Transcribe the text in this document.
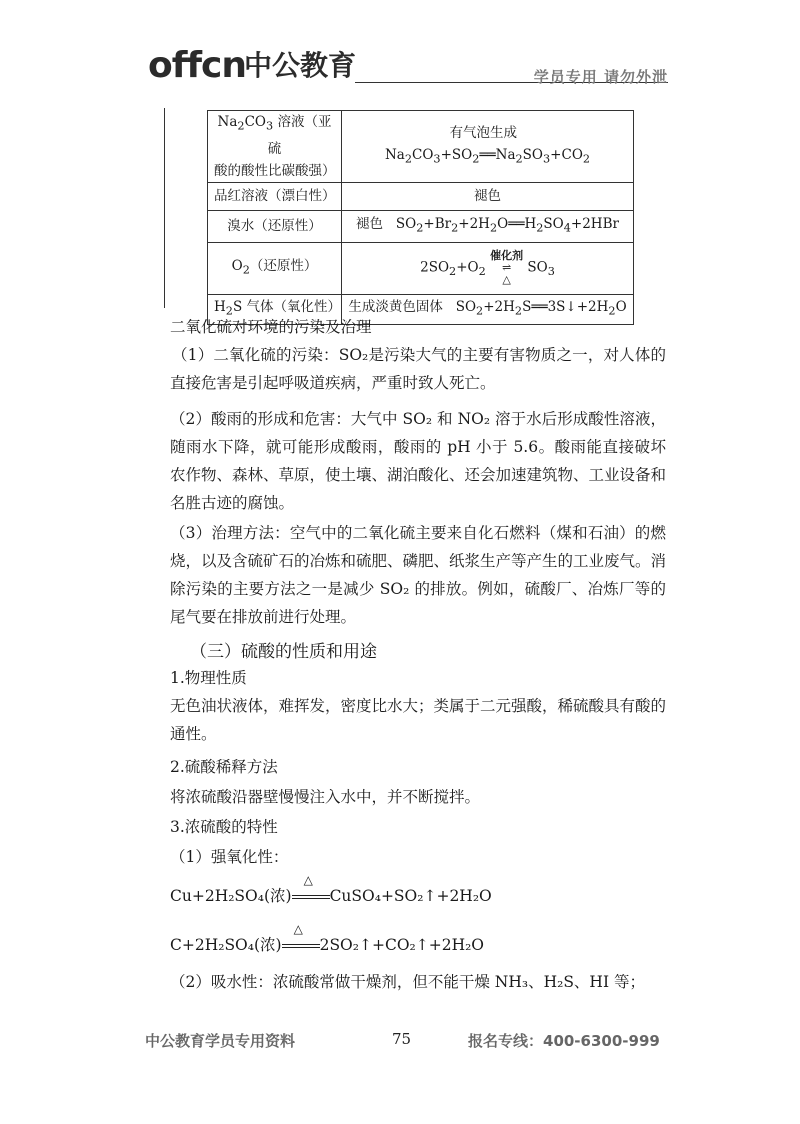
offcn
中公教育	学员专用 请勿外泄
$Na_2CO_3$ 溶液（亚硫
酸的酸性比碳酸强）	有气泡生成   $Na_2CO_3+SO_2══Na_2SO_3+CO_2$
品红溶液（漂白性）	褪色
溴水（还原性）	褪色   $SO_2+Br_2+2H_2O══H_2SO_4+2HBr$
$O_2$（还原性）	$2SO_2+O_2$ 催化剂
⇌
△ $SO_3$
$H_2S$ 气体（氧化性）	生成淡黄色固体   $SO_2+2H_2S══3S↓+2H_2O$
二氧化硫对环境的污染及治理
（1）二氧化硫的污染：SO₂是污染大气的主要有害物质之一，对人体的直接危害是引起呼吸道疾病，严重时致人死亡。
（2）酸雨的形成和危害：大气中 SO₂ 和 NO₂ 溶于水后形成酸性溶液，随雨水下降，就可能形成酸雨，酸雨的 pH 小于 5.6。酸雨能直接破坏农作物、森林、草原，使土壤、湖泊酸化、还会加速建筑物、工业设备和名胜古迹的腐蚀。
（3）治理方法：空气中的二氧化硫主要来自化石燃料（煤和石油）的燃烧，以及含硫矿石的冶炼和硫肥、磷肥、纸浆生产等产生的工业废气。消除污染的主要方法之一是减少 SO₂ 的排放。例如，硫酸厂、冶炼厂等的尾气要在排放前进行处理。
（三）硫酸的性质和用途
1.物理性质
无色油状液体，难挥发，密度比水大；类属于二元强酸，稀硫酸具有酸的通性。
2.硫酸稀释方法
将浓硫酸沿器壁慢慢注入水中，并不断搅拌。
3.浓硫酸的特性
（1）强氧化性：
Cu+2H₂SO₄(浓)
△
CuSO₄+SO₂↑+2H₂O
C+2H₂SO₄(浓)
△
2SO₂↑+CO₂↑+2H₂O
（2）吸水性：浓硫酸常做干燥剂，但不能干燥 NH₃、H₂S、HI 等；
中公教育学员专用资料	75	报名专线：400-6300-999
